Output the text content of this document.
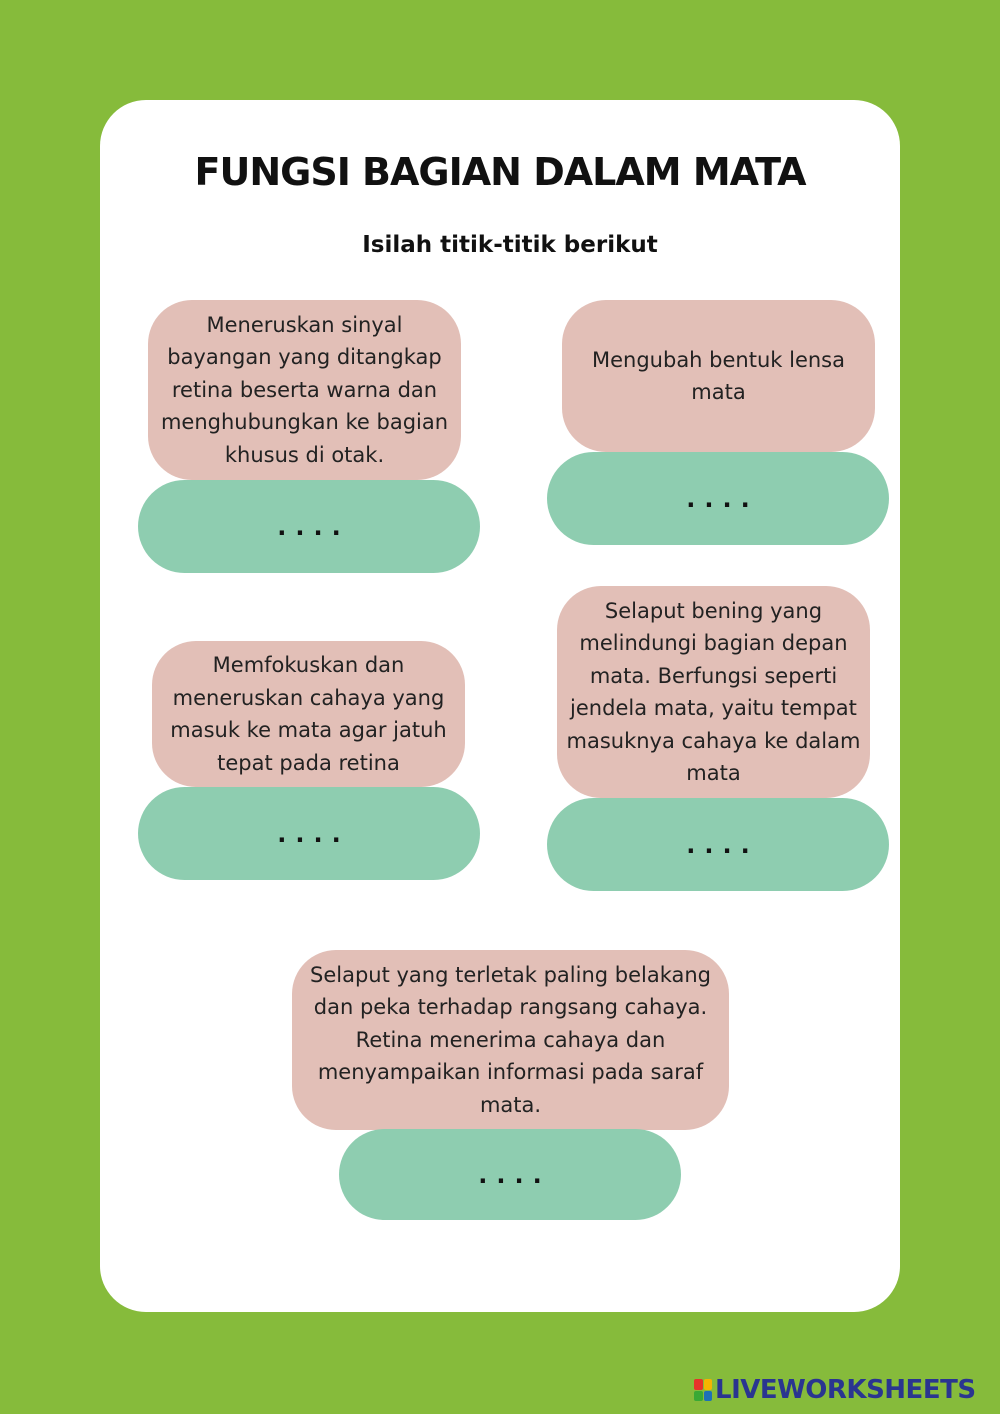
FUNGSI BAGIAN DALAM MATA
Isilah titik-titik berikut
Meneruskan sinyal
bayangan yang ditangkap
retina beserta warna dan
menghubungkan ke bagian
khusus di otak.
....
Mengubah bentuk lensa
mata
....
Memfokuskan dan
meneruskan cahaya yang
masuk ke mata agar jatuh
tepat pada retina
....
Selaput bening yang
melindungi bagian depan
mata. Berfungsi seperti
jendela mata, yaitu tempat
masuknya cahaya ke dalam
mata
....
Selaput yang terletak paling belakang
dan peka terhadap rangsang cahaya.
Retina menerima cahaya dan
menyampaikan informasi pada saraf
mata.
....
LIVEWORKSHEETS
